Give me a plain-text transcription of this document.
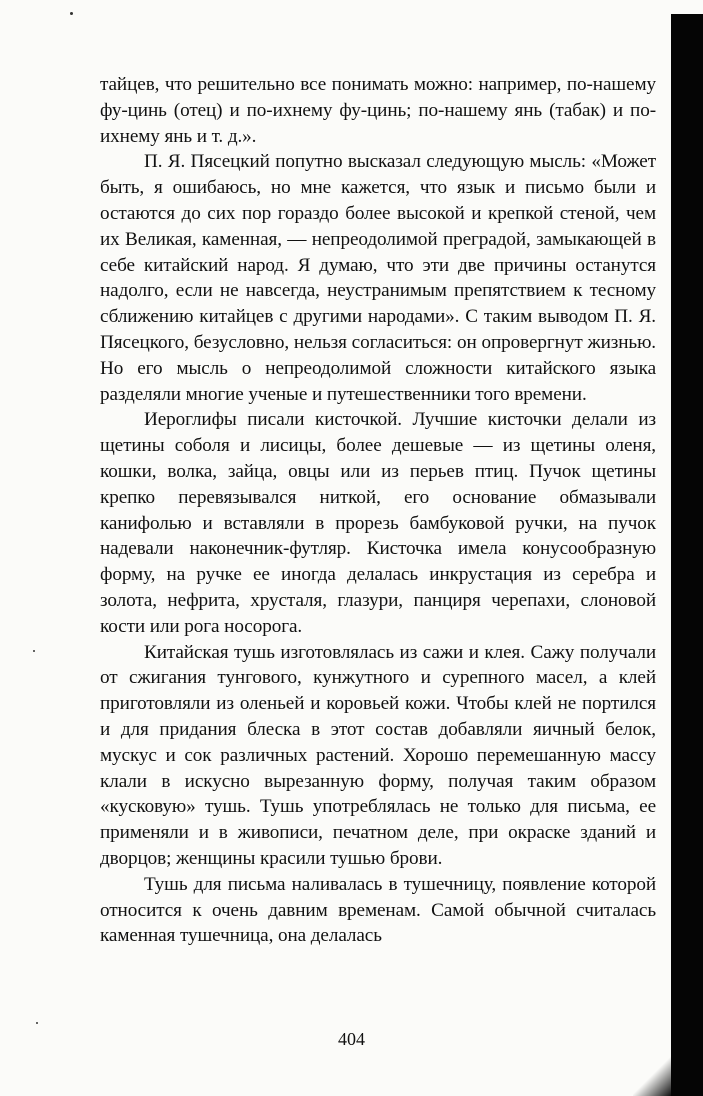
тайцев, что решительно все понимать можно: например, по-нашему фу-цинь (отец) и по-ихнему фу-цинь; по-нашему янь (табак) и по-ихнему янь и т. д.».

П. Я. Пясецкий попутно высказал следующую мысль: «Может быть, я ошибаюсь, но мне кажется, что язык и письмо были и остаются до сих пор гораздо более высокой и крепкой стеной, чем их Великая, каменная, — непреодолимой преградой, замыкающей в себе китайский народ. Я думаю, что эти две причины останутся надолго, если не навсегда, неустранимым препятствием к тесному сближению китайцев с другими народами». С таким выводом П. Я. Пясецкого, безусловно, нельзя согласиться: он опровергнут жизнью. Но его мысль о непреодолимой сложности китайского языка разделяли многие ученые и путешественники того времени.

Иероглифы писали кисточкой. Лучшие кисточки делали из щетины соболя и лисицы, более дешевые — из щетины оленя, кошки, волка, зайца, овцы или из перьев птиц. Пучок щетины крепко перевязывался ниткой, его основание обмазывали канифолью и вставляли в прорезь бамбуковой ручки, на пучок надевали наконечник-футляр. Кисточка имела конусообразную форму, на ручке ее иногда делалась инкрустация из серебра и золота, нефрита, хрусталя, глазури, панциря черепахи, слоновой кости или рога носорога.

Китайская тушь изготовлялась из сажи и клея. Сажу получали от сжигания тунгового, кунжутного и сурепного масел, а клей приготовляли из оленьей и коровьей кожи. Чтобы клей не портился и для придания блеска в этот состав добавляли яичный белок, мускус и сок различных растений. Хорошо перемешанную массу клали в искусно вырезанную форму, получая таким образом «кусковую» тушь. Тушь употреблялась не только для письма, ее применяли и в живописи, печатном деле, при окраске зданий и дворцов; женщины красили тушью брови.

Тушь для письма наливалась в тушечницу, появление которой относится к очень давним временам. Самой обычной считалась каменная тушечница, она делалась

404
